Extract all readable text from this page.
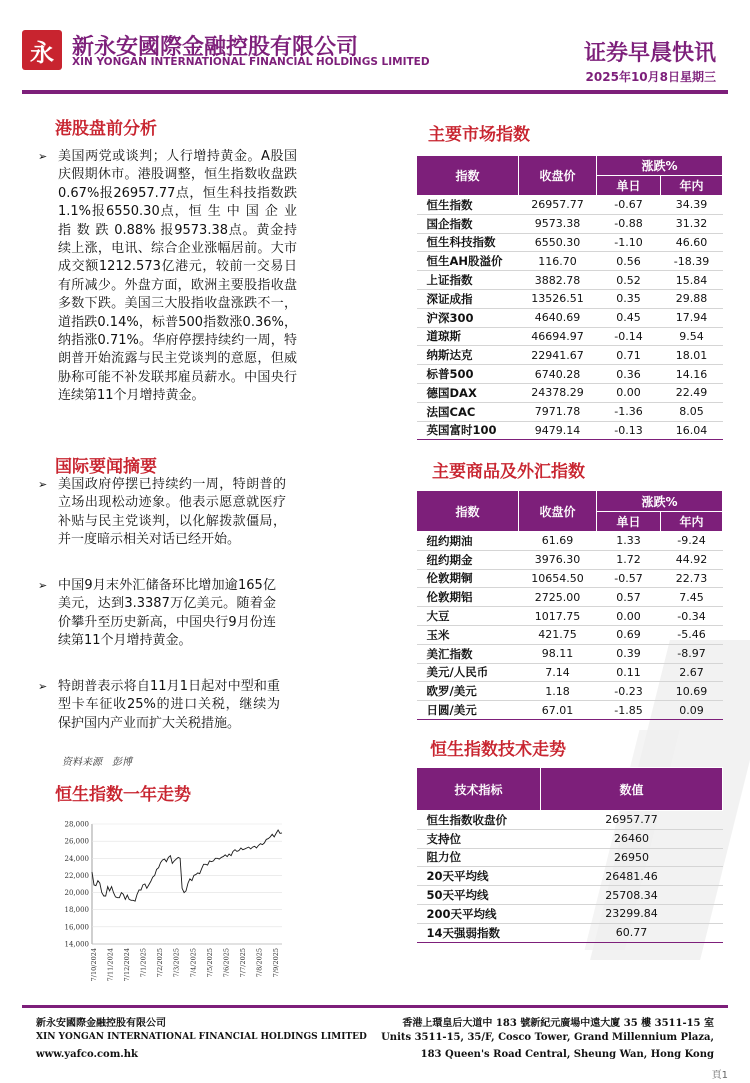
永 新永安國際金融控股有限公司
XIN YONGAN INTERNATIONAL FINANCIAL HOLDINGS LIMITED	证券早晨快讯
2025年10月8日星期三
港股盘前分析
➢ 美国两党或谈判；人行增持黄金。A股国庆假期休市。港股调整，恒生指数收盘跌0.67%报26957.77点，恒生科技指数跌1.1%报6550.30点，恒 生 中 国 企 业 指 数 跌 0.88% 报9573.38点。黄金持续上涨，电讯、综合企业涨幅居前。大市成交额1212.573亿港元，较前一交易日有所减少。外盘方面，欧洲主要股指收盘多数下跌。美国三大股指收盘涨跌不一，道指跌0.14%，标普500指数涨0.36%，纳指涨0.71%。华府停摆持续约一周，特朗普开始流露与民主党谈判的意愿，但威胁称可能不补发联邦雇员薪水。中国央行连续第11个月增持黄金。
国际要闻摘要
➢ 美国政府停摆已持续约一周，特朗普的立场出现松动迹象。他表示愿意就医疗补贴与民主党谈判，以化解拨款僵局，并一度暗示相关对话已经开始。
➢ 中国9月末外汇储备环比增加逾165亿美元，达到3.3387万亿美元。随着金价攀升至历史新高，中国央行9月份连续第11个月增持黄金。
➢ 特朗普表示将自11月1日起对中型和重型卡车征收25%的进口关税，继续为保护国内产业而扩大关税措施。
资料来源　彭博
恒生指数一年走势
28,000
26,000
24,000
22,000
20,000
18,000
16,000
14,000
7/10/2024 7/11/2024 7/12/2024 7/1/2025 7/2/2025 7/3/2025 7/4/2025 7/5/2025 7/6/2025 7/7/2025 7/8/2025 7/9/2025
主要市场指数
指数	收盘价	涨跌%	
		单日	年内
恒生指数	26957.77	-0.67	34.39
国企指数	9573.38	-0.88	31.32
恒生科技指数	6550.30	-1.10	46.60
恒生AH股溢价	116.70	0.56	-18.39
上证指数	3882.78	0.52	15.84
深证成指	13526.51	0.35	29.88
沪深300	4640.69	0.45	17.94
道琼斯	46694.97	-0.14	9.54
纳斯达克	22941.67	0.71	18.01
标普500	6740.28	0.36	14.16
德国DAX	24378.29	0.00	22.49
法国CAC	7971.78	-1.36	8.05
英国富时100	9479.14	-0.13	16.04
主要商品及外汇指数
指数	收盘价	涨跌%	
		单日	年内
纽约期油	61.69	1.33	-9.24
纽约期金	3976.30	1.72	44.92
伦敦期铜	10654.50	-0.57	22.73
伦敦期铝	2725.00	0.57	7.45
大豆	1017.75	0.00	-0.34
玉米	421.75	0.69	-5.46
美汇指数	98.11	0.39	-8.97
美元/人民币	7.14	0.11	2.67
欧罗/美元	1.18	-0.23	10.69
日圆/美元	67.01	-1.85	0.09
恒生指数技术走势
技术指标	数值
恒生指数收盘价	26957.77
支持位	26460
阻力位	26950
20天平均线	26481.46
50天平均线	25708.34
200天平均线	23299.84
14天强弱指数	60.77
新永安國際金融控股有限公司
XIN YONGAN INTERNATIONAL FINANCIAL HOLDINGS LIMITED
www.yafco.com.hk
香港上環皇后大道中 183 號新紀元廣場中遠大廈 35 樓 3511-15 室
Units 3511-15, 35/F, Cosco Tower, Grand Millennium Plaza,
183 Queen's Road Central, Sheung Wan, Hong Kong
頁1
